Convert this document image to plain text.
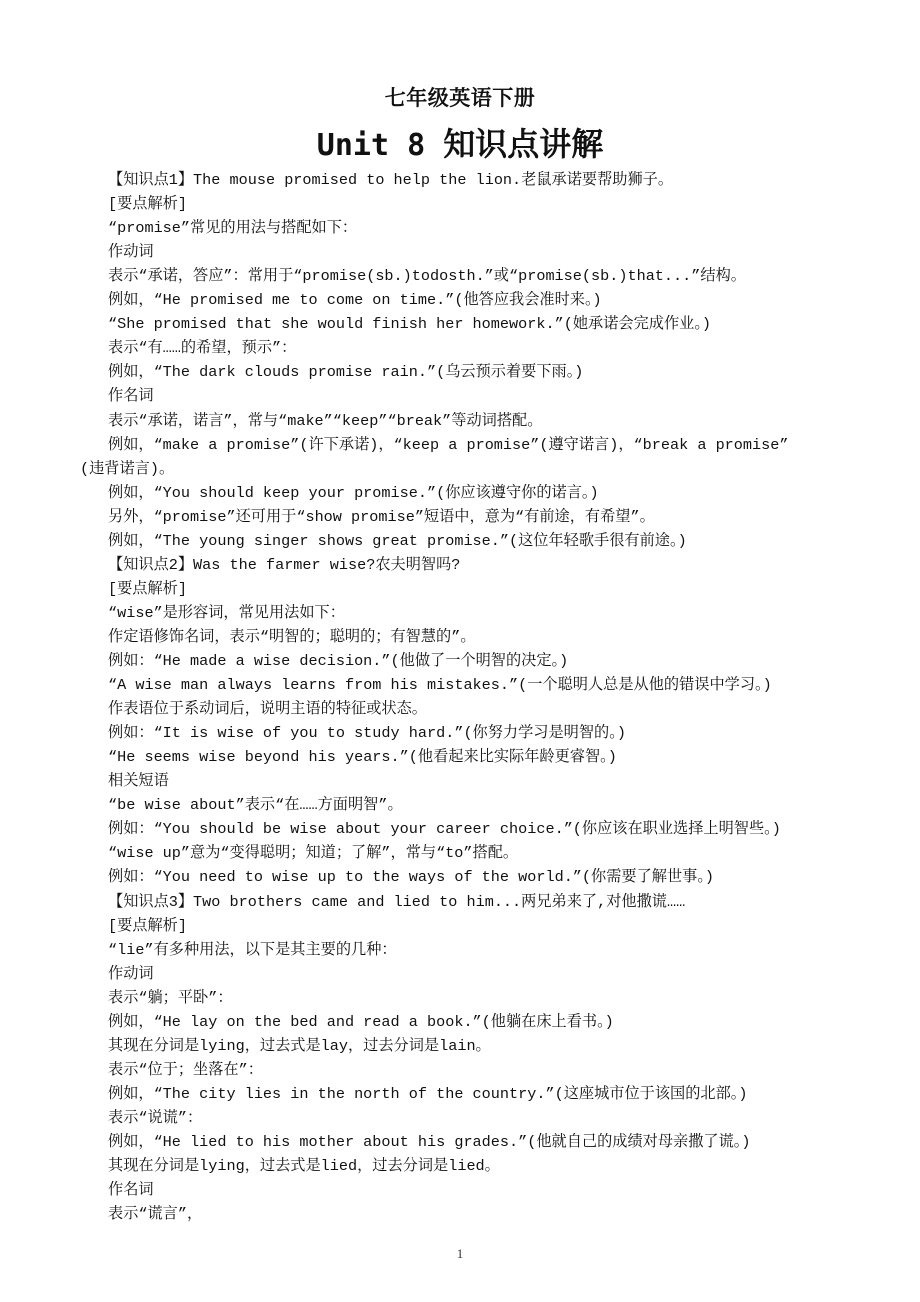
七年级英语下册
Unit 8 知识点讲解
【知识点1】The mouse promised to help the lion.老鼠承诺要帮助狮子。
[要点解析]
“promise”常见的用法与搭配如下：
作动词
表示“承诺，答应”：常用于“promise(sb.)todosth.”或“promise(sb.)that...”结构。
例如，“He promised me to come on time.”(他答应我会准时来。)
“She promised that she would finish her homework.”(她承诺会完成作业。)
表示“有……的希望，预示”：
例如，“The dark clouds promise rain.”(乌云预示着要下雨。)
作名词
表示“承诺，诺言”，常与“make”“keep”“break”等动词搭配。
例如，“make a promise”(许下承诺)，“keep a promise”(遵守诺言)，“break a promise”
(违背诺言)。
例如，“You should keep your promise.”(你应该遵守你的诺言。)
另外，“promise”还可用于“show promise”短语中，意为“有前途，有希望”。
例如，“The young singer shows great promise.”(这位年轻歌手很有前途。)
【知识点2】Was the farmer wise?农夫明智吗?
[要点解析]
“wise”是形容词，常见用法如下：
作定语修饰名词，表示“明智的；聪明的；有智慧的”。
例如：“He made a wise decision.”(他做了一个明智的决定。)
“A wise man always learns from his mistakes.”(一个聪明人总是从他的错误中学习。)
作表语位于系动词后，说明主语的特征或状态。
例如：“It is wise of you to study hard.”(你努力学习是明智的。)
“He seems wise beyond his years.”(他看起来比实际年龄更睿智。)
相关短语
“be wise about”表示“在……方面明智”。
例如：“You should be wise about your career choice.”(你应该在职业选择上明智些。)
“wise up”意为“变得聪明；知道；了解”，常与“to”搭配。
例如：“You need to wise up to the ways of the world.”(你需要了解世事。)
【知识点3】Two brothers came and lied to him...两兄弟来了,对他撒谎……
[要点解析]
“lie”有多种用法，以下是其主要的几种：
作动词
表示“躺；平卧”：
例如，“He lay on the bed and read a book.”(他躺在床上看书。)
其现在分词是lying，过去式是lay，过去分词是lain。
表示“位于；坐落在”：
例如，“The city lies in the north of the country.”(这座城市位于该国的北部。)
表示“说谎”：
例如，“He lied to his mother about his grades.”(他就自己的成绩对母亲撒了谎。)
其现在分词是lying，过去式是lied，过去分词是lied。
作名词
表示“谎言”，
1
